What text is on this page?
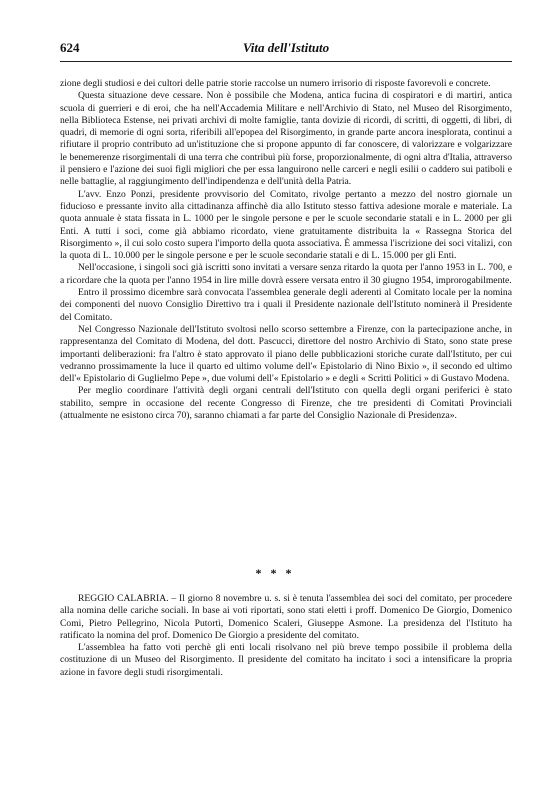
624	Vita dell'Istituto

zione degli studiosi e dei cultori delle patrie storie raccolse un numero irrisorio di risposte favorevoli e concrete.

Questa situazione deve cessare. Non è possibile che Modena, antica fucina di cospiratori e di martiri, antica scuola di guerrieri e di eroi, che ha nell'Accademia Militare e nell'Archivio di Stato, nel Museo del Risorgimento, nella Biblioteca Estense, nei privati archivi di molte famiglie, tanta dovizie di ricordi, di scritti, di oggetti, di libri, di quadri, di memorie di ogni sorta, riferibili all'epopea del Risorgimento, in grande parte ancora inesplorata, continui a rifiutare il proprio contributo ad un'istituzione che si propone appunto di far conoscere, di valorizzare e volgarizzare le benemerenze risorgimentali di una terra che contribuì più forse, proporzionalmente, di ogni altra d'Italia, attraverso il pensiero e l'azione dei suoi figli migliori che per essa languirono nelle carceri e negli esilii o caddero sui patiboli e nelle battaglie, al raggiungimento dell'indipendenza e dell'unità della Patria.

L'avv. Enzo Ponzi, presidente provvisorio del Comitato, rivolge pertanto a mezzo del nostro giornale un fiducioso e pressante invito alla cittadinanza affinchè dia allo Istituto stesso fattiva adesione morale e materiale. La quota annuale è stata fissata in L. 1000 per le singole persone e per le scuole secondarie statali e in L. 2000 per gli Enti. A tutti i soci, come già abbiamo ricordato, viene gratuitamente distribuita la « Rassegna Storica del Risorgimento », il cui solo costo supera l'importo della quota associativa. È ammessa l'iscrizione dei soci vitalizi, con la quota di L. 10.000 per le singole persone e per le scuole secondarie statali e di L. 15.000 per gli Enti.

Nell'occasione, i singoli soci già iscritti sono invitati a versare senza ritardo la quota per l'anno 1953 in L. 700, e a ricordare che la quota per l'anno 1954 in lire mille dovrà essere versata entro il 30 giugno 1954, improrogabilmente.

Entro il prossimo dicembre sarà convocata l'assemblea generale degli aderenti al Comitato locale per la nomina dei componenti del nuovo Consiglio Direttivo tra i quali il Presidente nazionale dell'Istituto nominerà il Presidente del Comitato.

Nel Congresso Nazionale dell'Istituto svoltosi nello scorso settembre a Firenze, con la partecipazione anche, in rappresentanza del Comitato di Modena, del dott. Pascucci, direttore del nostro Archivio di Stato, sono state prese importanti deliberazioni: fra l'altro è stato approvato il piano delle pubblicazioni storiche curate dall'Istituto, per cui vedranno prossimamente la luce il quarto ed ultimo volume dell'« Epistolario di Nino Bixio », il secondo ed ultimo dell'« Epistolario di Guglielmo Pepe », due volumi dell'« Epistolario » e degli « Scritti Politici » di Gustavo Modena.

Per meglio coordinare l'attività degli organi centrali dell'Istituto con quella degli organi periferici è stato stabilito, sempre in occasione del recente Congresso di Firenze, che tre presidenti di Comitati Provinciali (attualmente ne esistono circa 70), saranno chiamati a far parte del Consiglio Nazionale di Presidenza».

* * *

REGGIO CALABRIA. – Il giorno 8 novembre u. s. si è tenuta l'assemblea dei soci del comitato, per procedere alla nomina delle cariche sociali. In base ai voti riportati, sono stati eletti i proff. Domenico De Giorgio, Domenico Comi, Pietro Pellegrino, Nicola Putortì, Domenico Scaleri, Giuseppe Asmone. La presidenza del l'Istituto ha ratificato la nomina del prof. Domenico De Giorgio a presidente del comitato.

L'assemblea ha fatto voti perchè gli enti locali risolvano nel più breve tempo possibile il problema della costituzione di un Museo del Risorgimento. Il presidente del comitato ha incitato i soci a intensificare la propria azione in favore degli studi risorgimentali.
